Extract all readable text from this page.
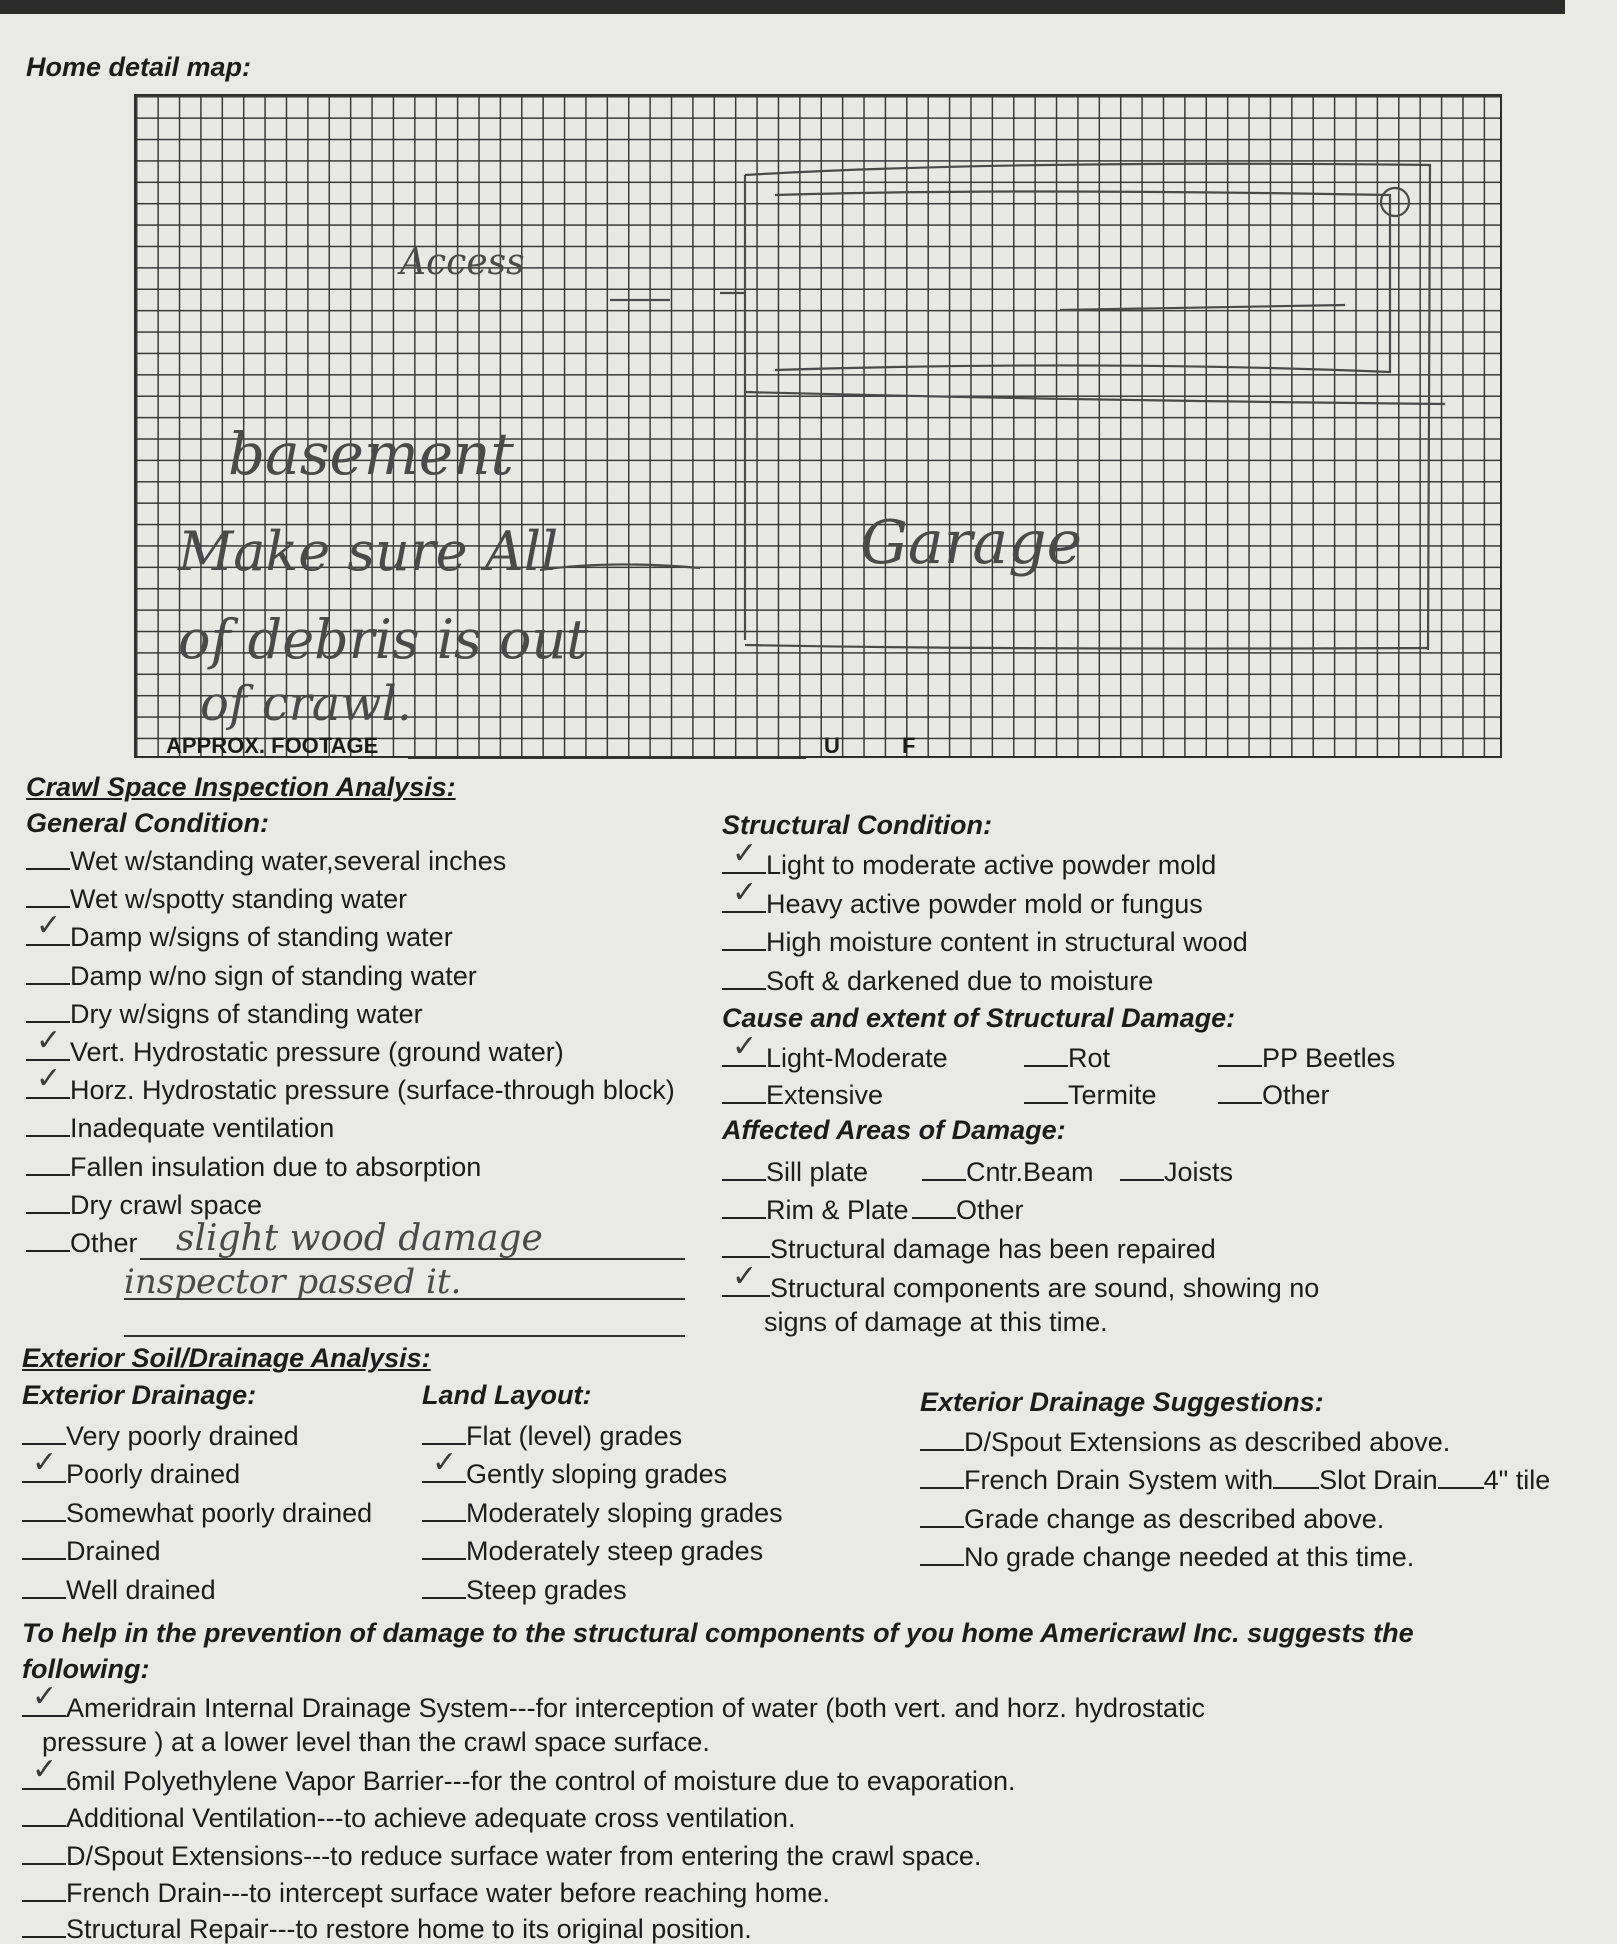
Home detail map:
Access
basement
Make sure All
of debris is out
of crawl.
Garage
APPROX. FOOTAGE	U	F
Crawl Space Inspection Analysis:
General Condition:
Wet w/standing water,several inches
Wet w/spotty standing water
✓Damp w/signs of standing water
Damp w/no sign of standing water
Dry w/signs of standing water
✓Vert. Hydrostatic pressure (ground water)
✓Horz. Hydrostatic pressure (surface-through block)
Inadequate ventilation
Fallen insulation due to absorption
Dry crawl space
Other slight wood damage
inspector passed it.
Structural Condition:
✓Light to moderate active powder mold
✓Heavy active powder mold or fungus
High moisture content in structural wood
Soft & darkened due to moisture
Cause and extent of Structural Damage:
✓Light-Moderate	Rot	PP Beetles
Extensive	Termite	Other
Affected Areas of Damage:
Sill plate	Cntr.Beam	Joists
Rim & Plate	Other
Structural damage has been repaired
✓Structural components are sound, showing no
signs of damage at this time.
Exterior Soil/Drainage Analysis:
Exterior Drainage:	Land Layout:	Exterior Drainage Suggestions:
Very poorly drained
✓Poorly drained
Somewhat poorly drained
Drained
Well drained
Flat (level) grades
✓Gently sloping grades
Moderately sloping grades
Moderately steep grades
Steep grades
D/Spout Extensions as described above.
French Drain System with Slot Drain 4" tile
Grade change as described above.
No grade change needed at this time.
To help in the prevention of damage to the structural components of you home Americrawl Inc. suggests the
following:
✓Ameridrain Internal Drainage System---for interception of water (both vert. and horz. hydrostatic
pressure ) at a lower level than the crawl space surface.
✓6mil Polyethylene Vapor Barrier---for the control of moisture due to evaporation.
Additional Ventilation---to achieve adequate cross ventilation.
D/Spout Extensions---to reduce surface water from entering the crawl space.
French Drain---to intercept surface water before reaching home.
Structural Repair---to restore home to its original position.
